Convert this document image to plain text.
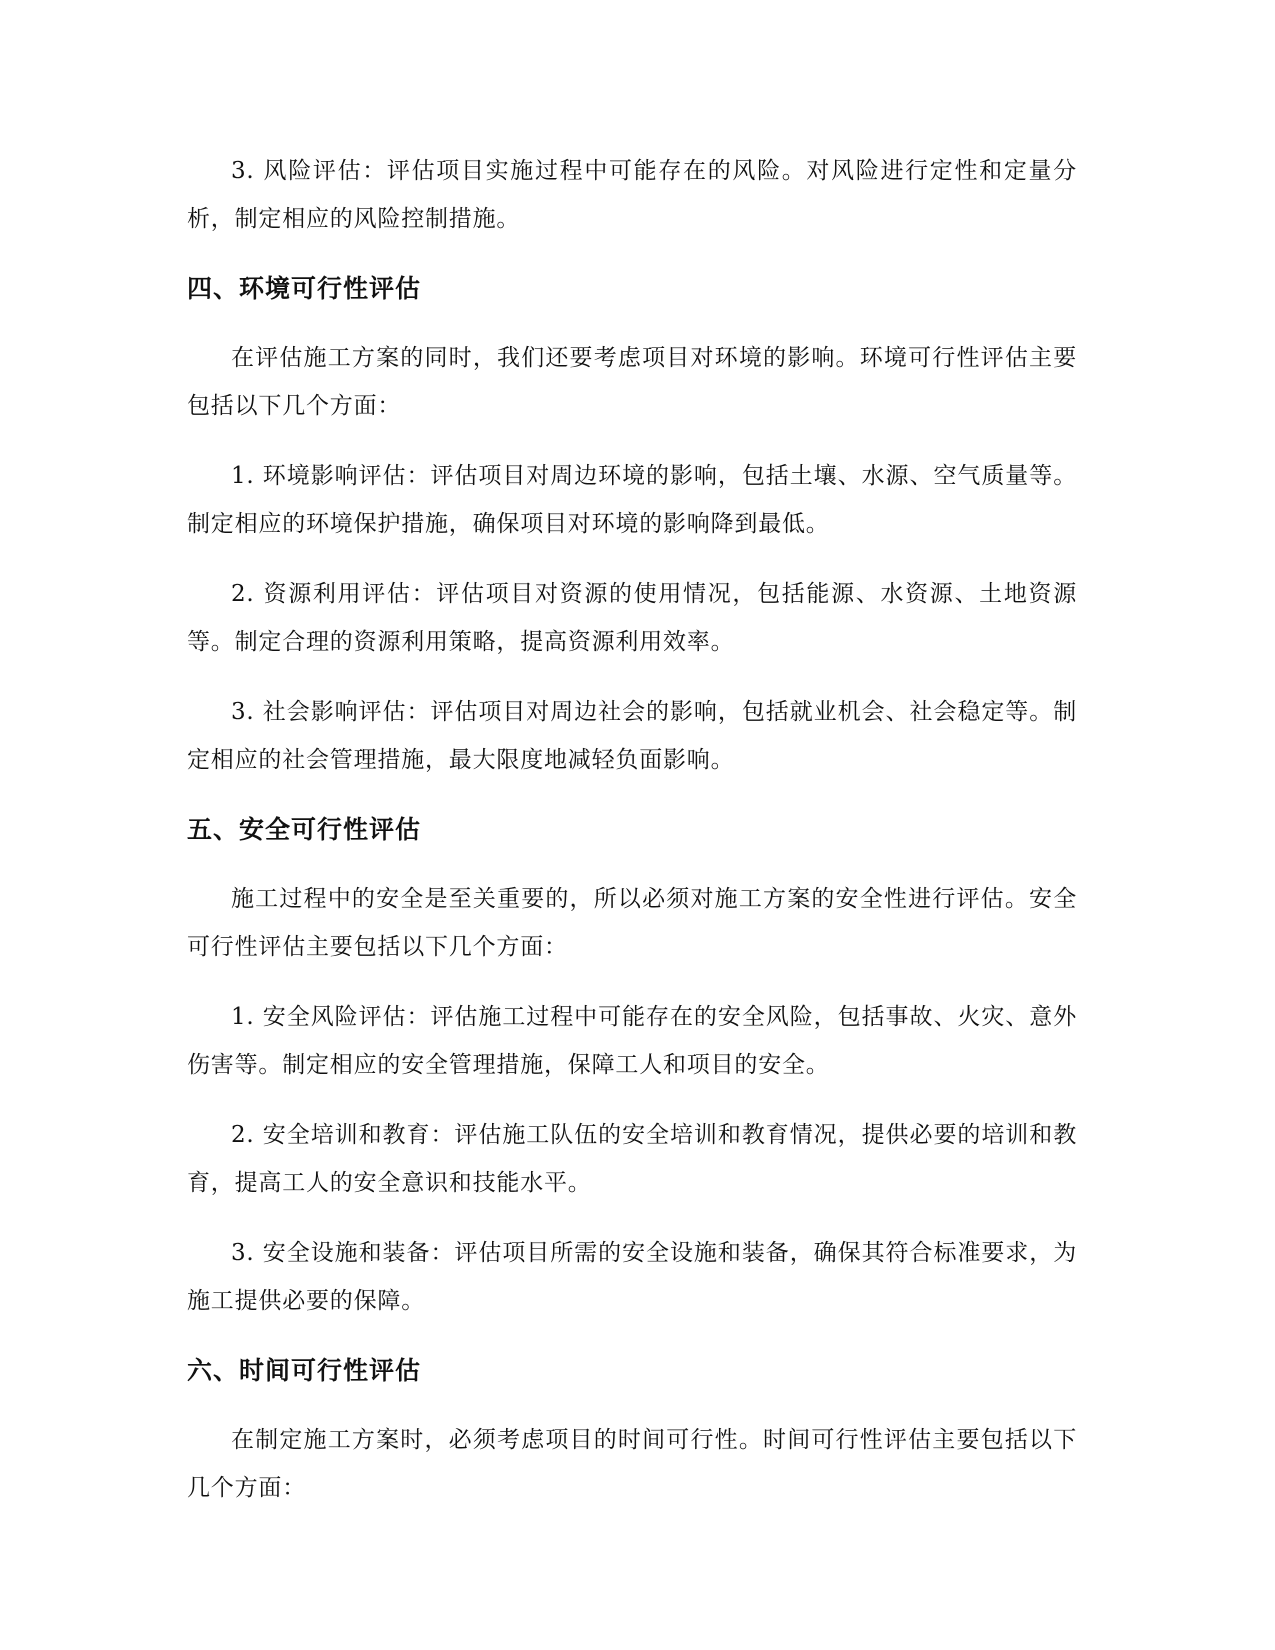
3. 风险评估：评估项目实施过程中可能存在的风险。对风险进行定性和定量分析，制定相应的风险控制措施。

四、环境可行性评估

在评估施工方案的同时，我们还要考虑项目对环境的影响。环境可行性评估主要包括以下几个方面：

1. 环境影响评估：评估项目对周边环境的影响，包括土壤、水源、空气质量等。制定相应的环境保护措施，确保项目对环境的影响降到最低。

2. 资源利用评估：评估项目对资源的使用情况，包括能源、水资源、土地资源等。制定合理的资源利用策略，提高资源利用效率。

3. 社会影响评估：评估项目对周边社会的影响，包括就业机会、社会稳定等。制定相应的社会管理措施，最大限度地减轻负面影响。

五、安全可行性评估

施工过程中的安全是至关重要的，所以必须对施工方案的安全性进行评估。安全可行性评估主要包括以下几个方面：

1. 安全风险评估：评估施工过程中可能存在的安全风险，包括事故、火灾、意外伤害等。制定相应的安全管理措施，保障工人和项目的安全。

2. 安全培训和教育：评估施工队伍的安全培训和教育情况，提供必要的培训和教育，提高工人的安全意识和技能水平。

3. 安全设施和装备：评估项目所需的安全设施和装备，确保其符合标准要求，为施工提供必要的保障。

六、时间可行性评估

在制定施工方案时，必须考虑项目的时间可行性。时间可行性评估主要包括以下几个方面：
